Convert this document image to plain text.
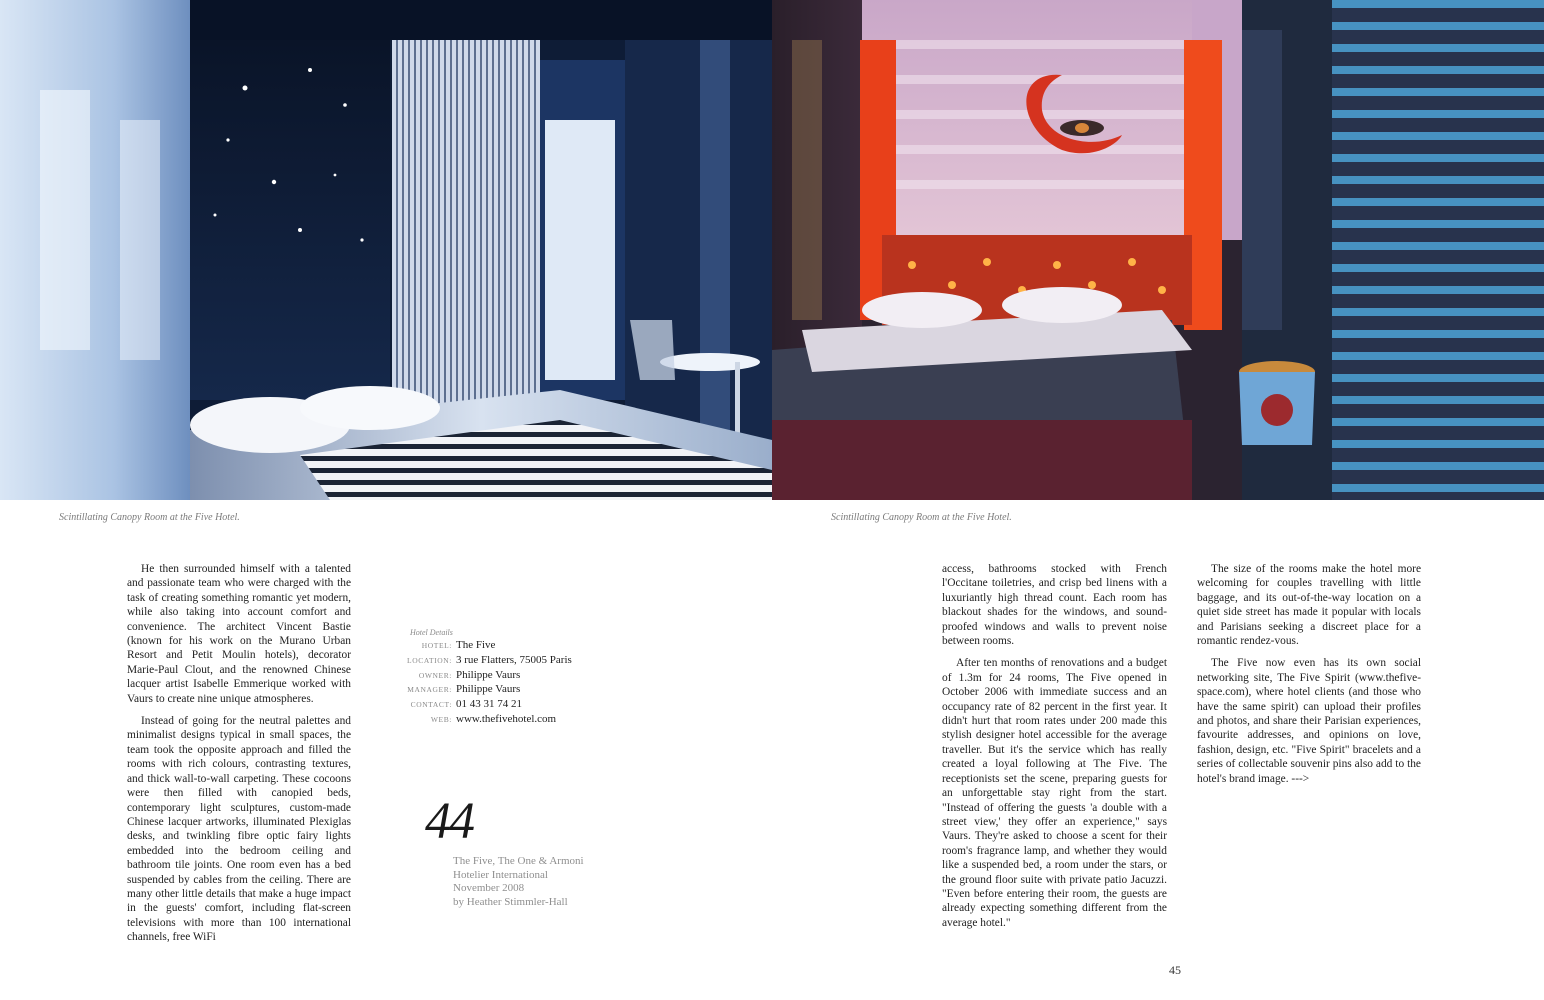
Scintillating Canopy Room at the Five Hotel.	Scintillating Canopy Room at the Five Hotel.

He then surrounded himself with a talented and passionate team who were charged with the task of creating something romantic yet modern, while also taking into account comfort and convenience. The architect Vincent Bastie (known for his work on the Murano Urban Resort and Petit Moulin hotels), decorator Marie-Paul Clout, and the renowned Chinese lacquer artist Isabelle Emmerique worked with Vaurs to create nine unique atmospheres.

Instead of going for the neutral palettes and minimalist designs typical in small spaces, the team took the opposite approach and filled the rooms with rich colours, contrasting textures, and thick wall-to-wall carpeting. These cocoons were then filled with canopied beds, contemporary light sculptures, custom-made Chinese lacquer artworks, illuminated Plexiglas desks, and twinkling fibre optic fairy lights embedded into the bedroom ceiling and bathroom tile joints. One room even has a bed suspended by cables from the ceiling. There are many other little details that make a huge impact in the guests' comfort, including flat-screen televisions with more than 100 international channels, free WiFi

Hotel Details
HOTEL: The Five
LOCATION: 3 rue Flatters, 75005 Paris
OWNER: Philippe Vaurs
MANAGER: Philippe Vaurs
CONTACT: 01 43 31 74 21
WEB: www.thefivehotel.com
44
The Five, The One & Armoni
Hotelier International
November 2008
by Heather Stimmler-Hall

access, bathrooms stocked with French l'Occitane toiletries, and crisp bed linens with a luxuriantly high thread count. Each room has blackout shades for the windows, and sound-proofed windows and walls to prevent noise between rooms.

After ten months of renovations and a budget of 1.3m for 24 rooms, The Five opened in October 2006 with immediate success and an occupancy rate of 82 percent in the first year. It didn't hurt that room rates under 200 made this stylish designer hotel accessible for the average traveller. But it's the service which has really created a loyal following at The Five. The receptionists set the scene, preparing guests for an unforgettable stay right from the start. "Instead of offering the guests 'a double with a street view,' they offer an experience," says Vaurs. They're asked to choose a scent for their room's fragrance lamp, and whether they would like a suspended bed, a room under the stars, or the ground floor suite with private patio Jacuzzi. "Even before entering their room, the guests are already expecting something different from the average hotel."

The size of the rooms make the hotel more welcoming for couples travelling with little baggage, and its out-of-the-way location on a quiet side street has made it popular with locals and Parisians seeking a discreet place for a romantic rendez-vous.

The Five now even has its own social networking site, The Five Spirit (www.thefive-space.com), where hotel clients (and those who have the same spirit) can upload their profiles and photos, and share their Parisian experiences, favourite addresses, and opinions on love, fashion, design, etc. "Five Spirit" bracelets and a series of collectable souvenir pins also add to the hotel's brand image. --->

45
